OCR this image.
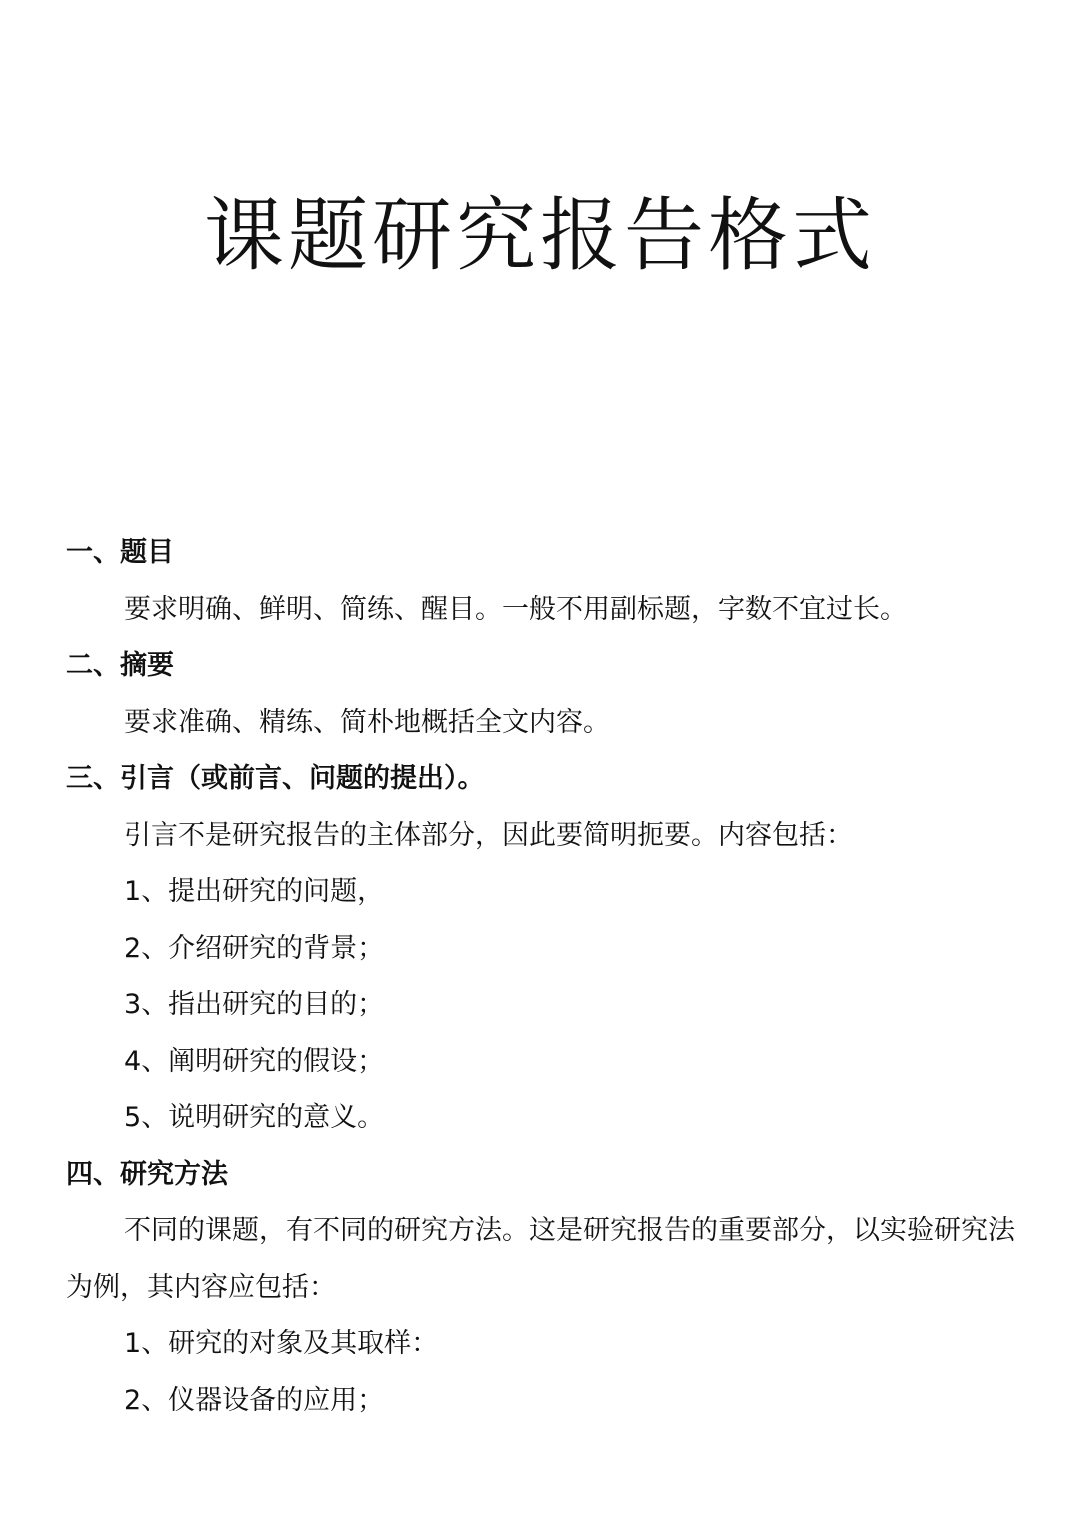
课题研究报告格式
一、题目
要求明确、鲜明、简练、醒目。一般不用副标题，字数不宜过长。
二、摘要
要求准确、精练、简朴地概括全文内容。
三、引言（或前言、问题的提出）。
引言不是研究报告的主体部分，因此要简明扼要。内容包括：
1、提出研究的问题，
2、介绍研究的背景；
3、指出研究的目的；
4、阐明研究的假设；
5、说明研究的意义。
四、研究方法
不同的课题，有不同的研究方法。这是研究报告的重要部分，以实验研究法为例，其内容应包括：
1、研究的对象及其取样：
2、仪器设备的应用；
